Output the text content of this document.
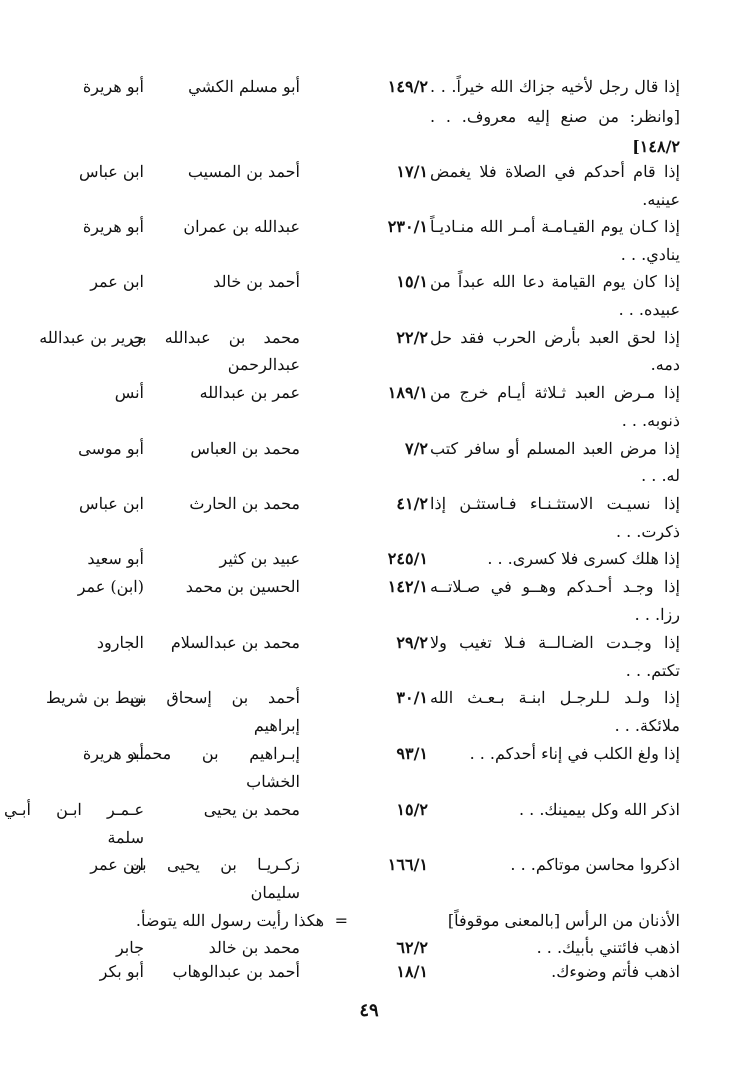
إذا قال رجل لأخيه جزاك الله خيراً. . .
١٤٩/٢
أبو مسلم الكشي
أبو هريرة
[وانظر: من صنع إليه معروف. . .
١٤٨/٢]
إذا قام أحدكم في الصلاة فلا يغمض
١٧/١
أحمد بن المسيب
ابن عباس
عينيه.
إذا كـان يوم القيـامـة أمـر الله منـاديـاً
٢٣٠/١
عبدالله بن عمران
أبو هريرة
ينادي. . .
إذا كان يوم القيامة دعا الله عبداً من
١٥/١
أحمد بن خالد
ابن عمر
عبيده. . .
إذا لحق العبد بأرض الحرب فقد حل
٢٢/٢
محمد بن عبدالله بن
جرير بن عبدالله
دمه.
عبدالرحمن
إذا مـرض العبد ثـلاثة أيـام خرج من
١٨٩/١
عمر بن عبدالله
أنس
ذنوبه. . .
إذا مرض العبد المسلم أو سافر كتب
٧/٢
محمد بن العباس
أبو موسى
له. . .
إذا نسيـت الاستثـنـاء فـاستثـن إذا
٤١/٢
محمد بن الحارث
ابن عباس
ذكرت. . .
إذا هلك كسرى فلا كسرى. . .
٢٤٥/١
عبيد بن كثير
أبو سعيد
إذا وجـد أحـدكم وهــو في صـلاتــه
١٤٢/١
الحسين بن محمد
(ابن) عمر
رزا. . .
إذا وجـدت الضـالــة فـلا تغيب ولا
٢٩/٢
محمد بن عبدالسلام
الجارود
تكتم. . .
إذا ولـد لـلرجـل ابنـة بـعـث الله
٣٠/١
أحمد بن إسحاق بن
نبيط بن شريط
ملائكة. . .
إبراهيم
إذا ولغ الكلب في إناء أحدكم. . .
٩٣/١
إبـراهيم بن محمـد
أبو هريرة
الخشاب
اذكر الله وكل بيمينك. . .
١٥/٢
محمد بن يحيى
عـمـر ابـن أبـي
سلمة
اذكروا محاسن موتاكم. . .
١٦٦/١
زكـريـا بن يحيى بن
ابن عمر
سليمان
الأذنان من الرأس [بالمعنى موقوفاً]
=
هكذا رأيت رسول الله يتوضأ.
اذهب فائتني بأبيك. . .
٦٢/٢
محمد بن خالد
جابر
اذهب فأتم وضوءك.
١٨/١
أحمد بن عبدالوهاب
أبو بكر
٤٩
